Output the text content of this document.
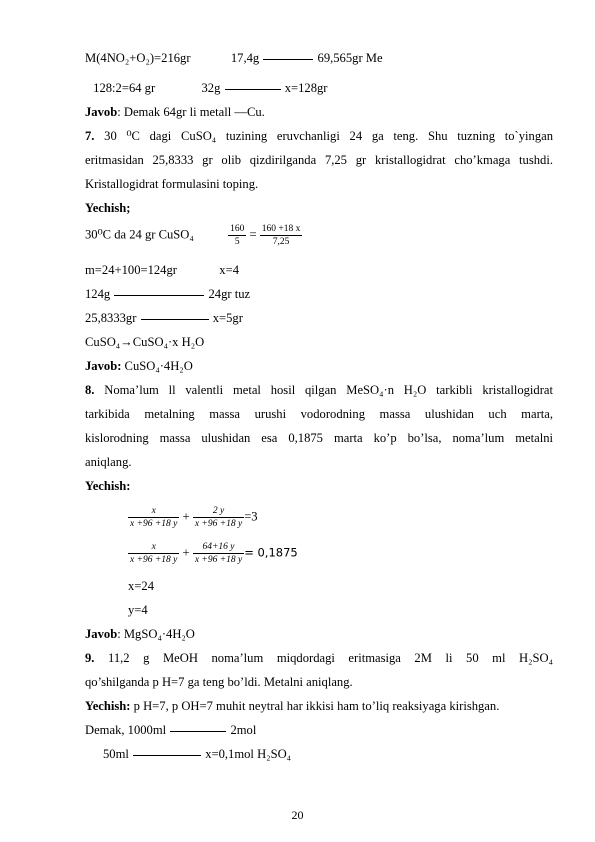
M(4NO₂+O₂)=216gr	17,4g	69,565gr Me
128:2=64 gr	32g	x=128gr
Javob: Demak 64gr li metall —Cu.
7. 30 ⁰C dagi CuSO₄ tuzining eruvchanligi 24 ga teng. Shu tuzning to`yingan
eritmasidan 25,8333 gr olib qizdirilganda 7,25 gr kristallogidrat cho’kmaga tushdi.
Kristallogidrat formulasini toping.
Yechish;
30⁰C da 24 gr CuSO₄	$\frac{160}{5} = \frac{160 +18 x}{7,25}$
m=24+100=124gr	x=4
124g	24gr tuz
25,8333gr	x=5gr
CuSO₄→CuSO₄·x H₂O
Javob: CuSO₄·4H₂O
8. Noma’lum ll valentli metal hosil qilgan MeSO₄·n H₂O tarkibli kristallogidrat
tarkibida metalning massa urushi vodorodning massa ulushidan uch marta,
kislorodning massa ulushidan esa 0,1875 marta ko’p bo’lsa, noma’lum metalni
aniqlang.
Yechish:
$\frac{x}{x +96 +18 y} + \frac{2 y}{x +96 +18 y} =3$
$\frac{x}{x +96 +18 y} + \frac{64+16 y}{x +96 +18 y} = 0,1875$
x=24
y=4
Javob: MgSO₄·4H₂O
9. 11,2 g MeOH noma’lum miqdordagi eritmasiga 2M li 50 ml H₂SO₄
qo’shilganda p H=7 ga teng bo’ldi. Metalni aniqlang.
Yechish: p H=7, p OH=7 muhit neytral har ikkisi ham to’liq reaksiyaga kirishgan.
Demak, 1000ml	2mol
50ml	x=0,1mol H₂SO₄
20
